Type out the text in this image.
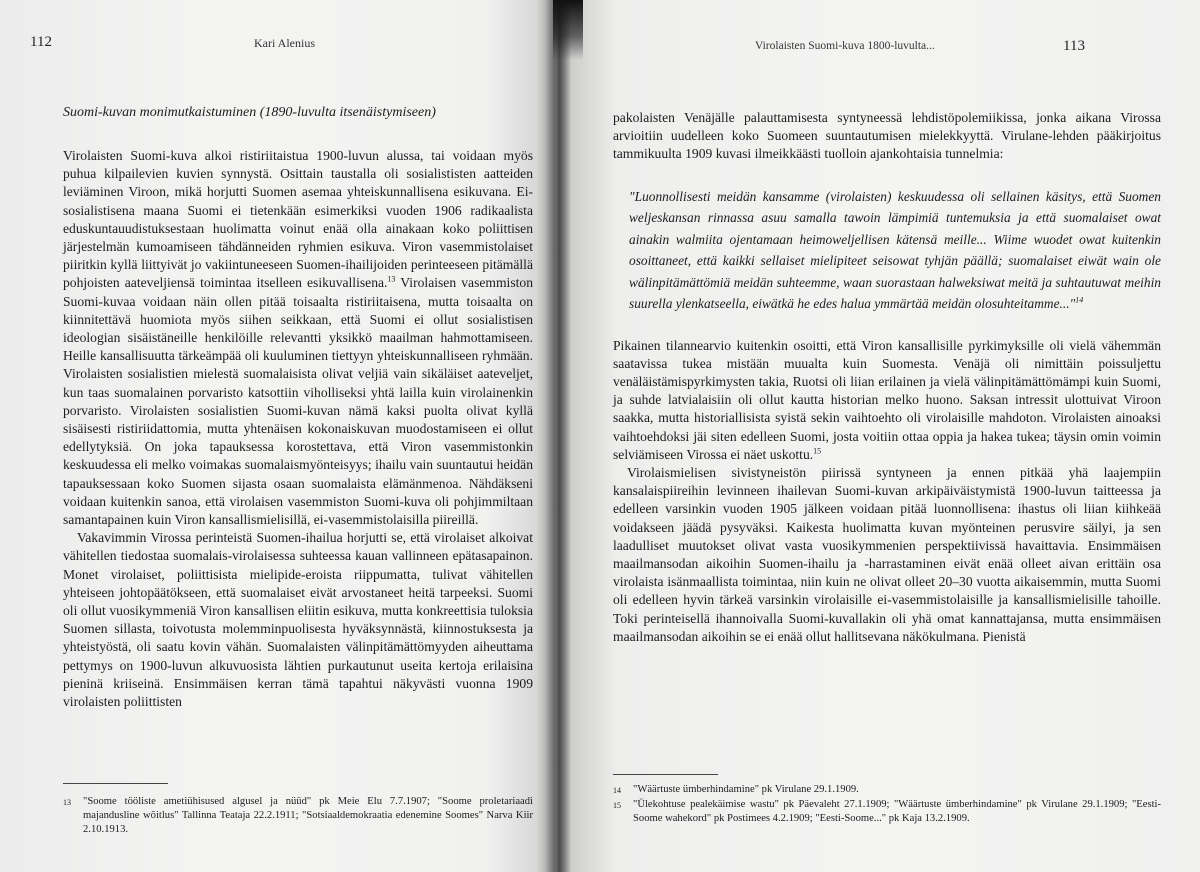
112	Kari Alenius
Suomi-kuvan monimutkaistuminen (1890-luvulta itsenäistymiseen)

Virolaisten Suomi-kuva alkoi ristiriitaistua 1900-luvun alussa, tai voidaan myös puhua kilpailevien kuvien synnystä. Osittain taustalla oli sosialististen aatteiden leviäminen Viroon, mikä horjutti Suomen asemaa yhteiskunnallisena esikuvana. Ei-sosialistisena maana Suomi ei tietenkään esimerkiksi vuoden 1906 radikaalista eduskuntauudistuksestaan huolimatta voinut enää olla ainakaan koko poliittisen järjestelmän kumoamiseen tähdänneiden ryhmien esikuva. Viron vasemmistolaiset piiritkin kyllä liittyivät jo vakiintuneeseen Suomen-ihailijoiden perinteeseen pitämällä pohjoisten aateveljiensä toimintaa itselleen esikuvallisena.$^{13}$ Virolaisen vasemmiston Suomi-kuvaa voidaan näin ollen pitää toisaalta ristiriitaisena, mutta toisaalta on kiinnitettävä huomiota myös siihen seikkaan, että Suomi ei ollut sosialistisen ideologian sisäistäneille henkilöille relevantti yksikkö maailman hahmottamiseen. Heille kansallisuutta tärkeämpää oli kuuluminen tiettyyn yhteiskunnalliseen ryhmään. Virolaisten sosialistien mielestä suomalaisista olivat veljiä vain sikäläiset aateveljet, kun taas suomalainen porvaristo katsottiin viholliseksi yhtä lailla kuin virolainenkin porvaristo. Virolaisten sosialistien Suomi-kuvan nämä kaksi puolta olivat kyllä sisäisesti ristiriidattomia, mutta yhtenäisen kokonaiskuvan muodostamiseen ei ollut edellytyksiä. On joka tapauksessa korostettava, että Viron vasemmistonkin keskuudessa eli melko voimakas suomalaismyönteisyys; ihailu vain suuntautui heidän tapauksessaan koko Suomen sijasta osaan suomalaista elämänmenoa. Nähdäkseni voidaan kuitenkin sanoa, että virolaisen vasemmiston Suomi-kuva oli pohjimmiltaan samantapainen kuin Viron kansallismielisillä, ei-vasemmistolaisilla piireillä.

Vakavimmin Virossa perinteistä Suomen-ihailua horjutti se, että virolaiset alkoivat vähitellen tiedostaa suomalais-virolaisessa suhteessa kauan vallinneen epätasapainon. Monet virolaiset, poliittisista mielipide-eroista riippumatta, tulivat vähitellen yhteiseen johtopäätökseen, että suomalaiset eivät arvostaneet heitä tarpeeksi. Suomi oli ollut vuosikymmeniä Viron kansallisen eliitin esikuva, mutta konkreettisia tuloksia Suomen sillasta, toivotusta molemminpuolisesta hyväksynnästä, kiinnostuksesta ja yhteistyöstä, oli saatu kovin vähän. Suomalaisten välinpitämättömyyden aiheuttama pettymys on 1900-luvun alkuvuosista lähtien purkautunut useita kertoja erilaisina pieninä kriiseinä. Ensimmäisen kerran tämä tapahtui näkyvästi vuonna 1909 virolaisten poliittisten

13	"Soome tööliste ametiühisused algusel ja nüüd" pk Meie Elu 7.7.1907; "Soome proletariaadi majandusline wõitlus" Tallinna Teataja 22.2.1911; "Sotsiaaldemokraatia edenemine Soomes" Narva Kiir 2.10.1913.
Virolaisten Suomi-kuva 1800-luvulta...	113

pakolaisten Venäjälle palauttamisesta syntyneessä lehdistöpolemiikissa, jonka aikana Virossa arvioitiin uudelleen koko Suomeen suuntautumisen mielekkyyttä. Virulane-lehden pääkirjoitus tammikuulta 1909 kuvasi ilmeikkäästi tuolloin ajankohtaisia tunnelmia:

"Luonnollisesti meidän kansamme (virolaisten) keskuudessa oli sellainen käsitys, että Suomen weljeskansan rinnassa asuu samalla tawoin lämpimiä tuntemuksia ja että suomalaiset owat ainakin walmiita ojentamaan heimoweljellisen kätensä meille... Wiime wuodet owat kuitenkin osoittaneet, että kaikki sellaiset mielipiteet seisowat tyhjän päällä; suomalaiset eiwät wain ole wälinpitämättömiä meidän suhteemme, waan suorastaan halweksiwat meitä ja suhtautuwat meihin suurella ylenkatseella, eiwätkä he edes halua ymmärtää meidän olosuhteitamme..."$^{14}$

Pikainen tilannearvio kuitenkin osoitti, että Viron kansallisille pyrkimyksille oli vielä vähemmän saatavissa tukea mistään muualta kuin Suomesta. Venäjä oli nimittäin poissuljettu venäläistämispyrkimysten takia, Ruotsi oli liian erilainen ja vielä välinpitämättömämpi kuin Suomi, ja suhde latvialaisiin oli ollut kautta historian melko huono. Saksan intressit ulottuivat Viroon saakka, mutta historiallisista syistä sekin vaihtoehto oli virolaisille mahdoton. Virolaisten ainoaksi vaihtoehdoksi jäi siten edelleen Suomi, josta voitiin ottaa oppia ja hakea tukea; täysin omin voimin selviämiseen Virossa ei näet uskottu.$^{15}$

Virolaismielisen sivistyneistön piirissä syntyneen ja ennen pitkää yhä laajempiin kansalaispiireihin levinneen ihailevan Suomi-kuvan arkipäiväistymistä 1900-luvun taitteessa ja edelleen varsinkin vuoden 1905 jälkeen voidaan pitää luonnollisena: ihastus oli liian kiihkeää voidakseen jäädä pysyväksi. Kaikesta huolimatta kuvan myönteinen perusvire säilyi, ja sen laadulliset muutokset olivat vasta vuosikymmenien perspektiivissä havaittavia. Ensimmäisen maailmansodan aikoihin Suomen-ihailu ja -harrastaminen eivät enää olleet aivan erittäin osa virolaista isänmaallista toimintaa, niin kuin ne olivat olleet 20–30 vuotta aikaisemmin, mutta Suomi oli edelleen hyvin tärkeä varsinkin virolaisille ei-vasemmistolaisille ja kansallismielisille tahoille. Toki perinteisellä ihannoivalla Suomi-kuvallakin oli yhä omat kannattajansa, mutta ensimmäisen maailmansodan aikoihin se ei enää ollut hallitsevana näkökulmana. Pienistä

14	"Wäärtuste ümberhindamine" pk Virulane 29.1.1909.
15	"Ülekohtuse pealekäimise wastu" pk Päevaleht 27.1.1909; "Wäärtuste ümberhindamine" pk Virulane 29.1.1909; "Eesti-Soome wahekord" pk Postimees 4.2.1909; "Eesti-Soome..." pk Kaja 13.2.1909.
